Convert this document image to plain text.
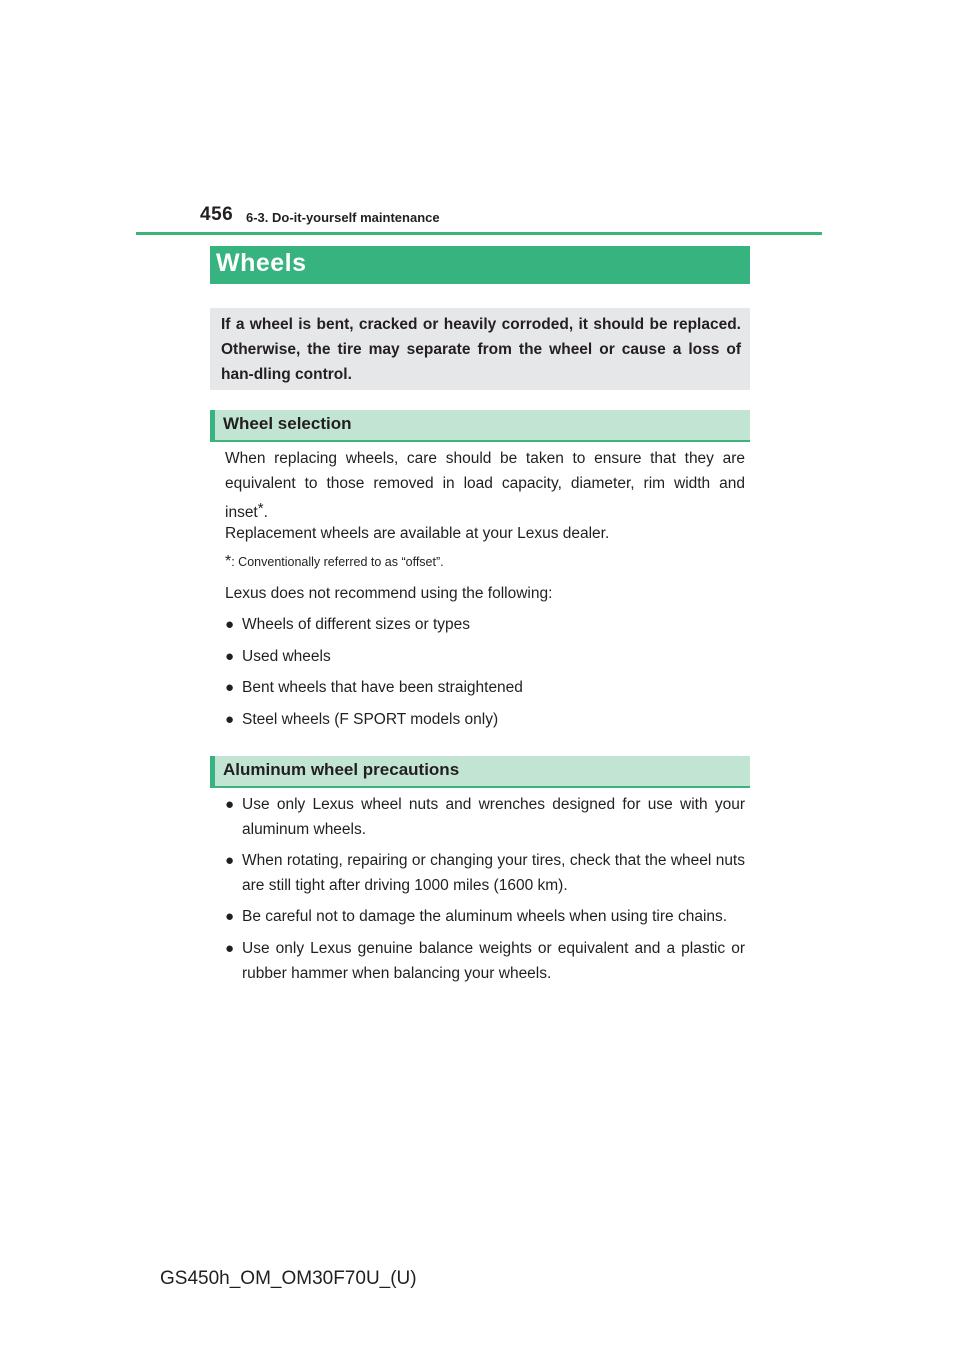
456 6-3. Do-it-yourself maintenance
Wheels

If a wheel is bent, cracked or heavily corroded, it should be replaced. Otherwise, the tire may separate from the wheel or cause a loss of han-dling control.

Wheel selection

When replacing wheels, care should be taken to ensure that they are equivalent to those removed in load capacity, diameter, rim width and inset*.

Replacement wheels are available at your Lexus dealer.

*: Conventionally referred to as “offset”.

Lexus does not recommend using the following:

● Wheels of different sizes or types
● Used wheels
● Bent wheels that have been straightened
● Steel wheels (F SPORT models only)
Aluminum wheel precautions
● Use only Lexus wheel nuts and wrenches designed for use with your aluminum wheels.
● When rotating, repairing or changing your tires, check that the wheel nuts are still tight after driving 1000 miles (1600 km).
● Be careful not to damage the aluminum wheels when using tire chains.
● Use only Lexus genuine balance weights or equivalent and a plastic or rubber hammer when balancing your wheels.
GS450h_OM_OM30F70U_(U)
